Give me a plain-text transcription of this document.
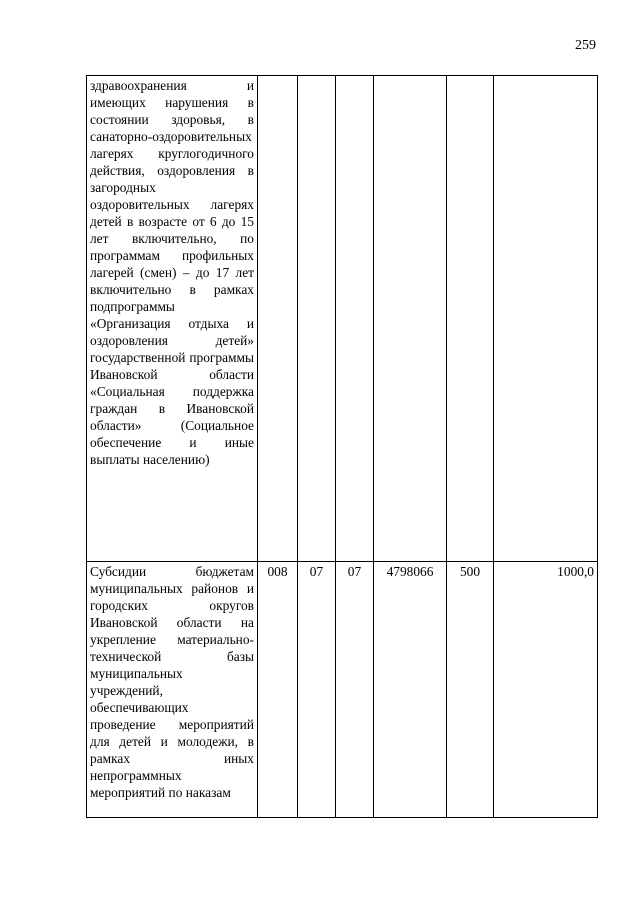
259
здравоохранения и имеющих нарушения в состоянии здоровья, в санаторно-оздоровительных лагерях круглогодичного действия, оздоровления в загородных оздоровительных лагерях детей в возрасте от 6 до 15 лет включительно, по программам профильных лагерей (смен) – до 17 лет включительно в рамках подпрограммы «Организация отдыха и оздоровления детей» государственной программы Ивановской области «Социальная поддержка граждан в Ивановской области» (Социальное обеспечение и иные выплаты населению)						
Субсидии бюджетам муниципальных районов и городских округов Ивановской области на укрепление материально-технической базы муниципальных учреждений, обеспечивающих проведение мероприятий для детей и молодежи, в рамках иных непрограммных мероприятий по наказам	008	07	07	4798066	500	1000,0
